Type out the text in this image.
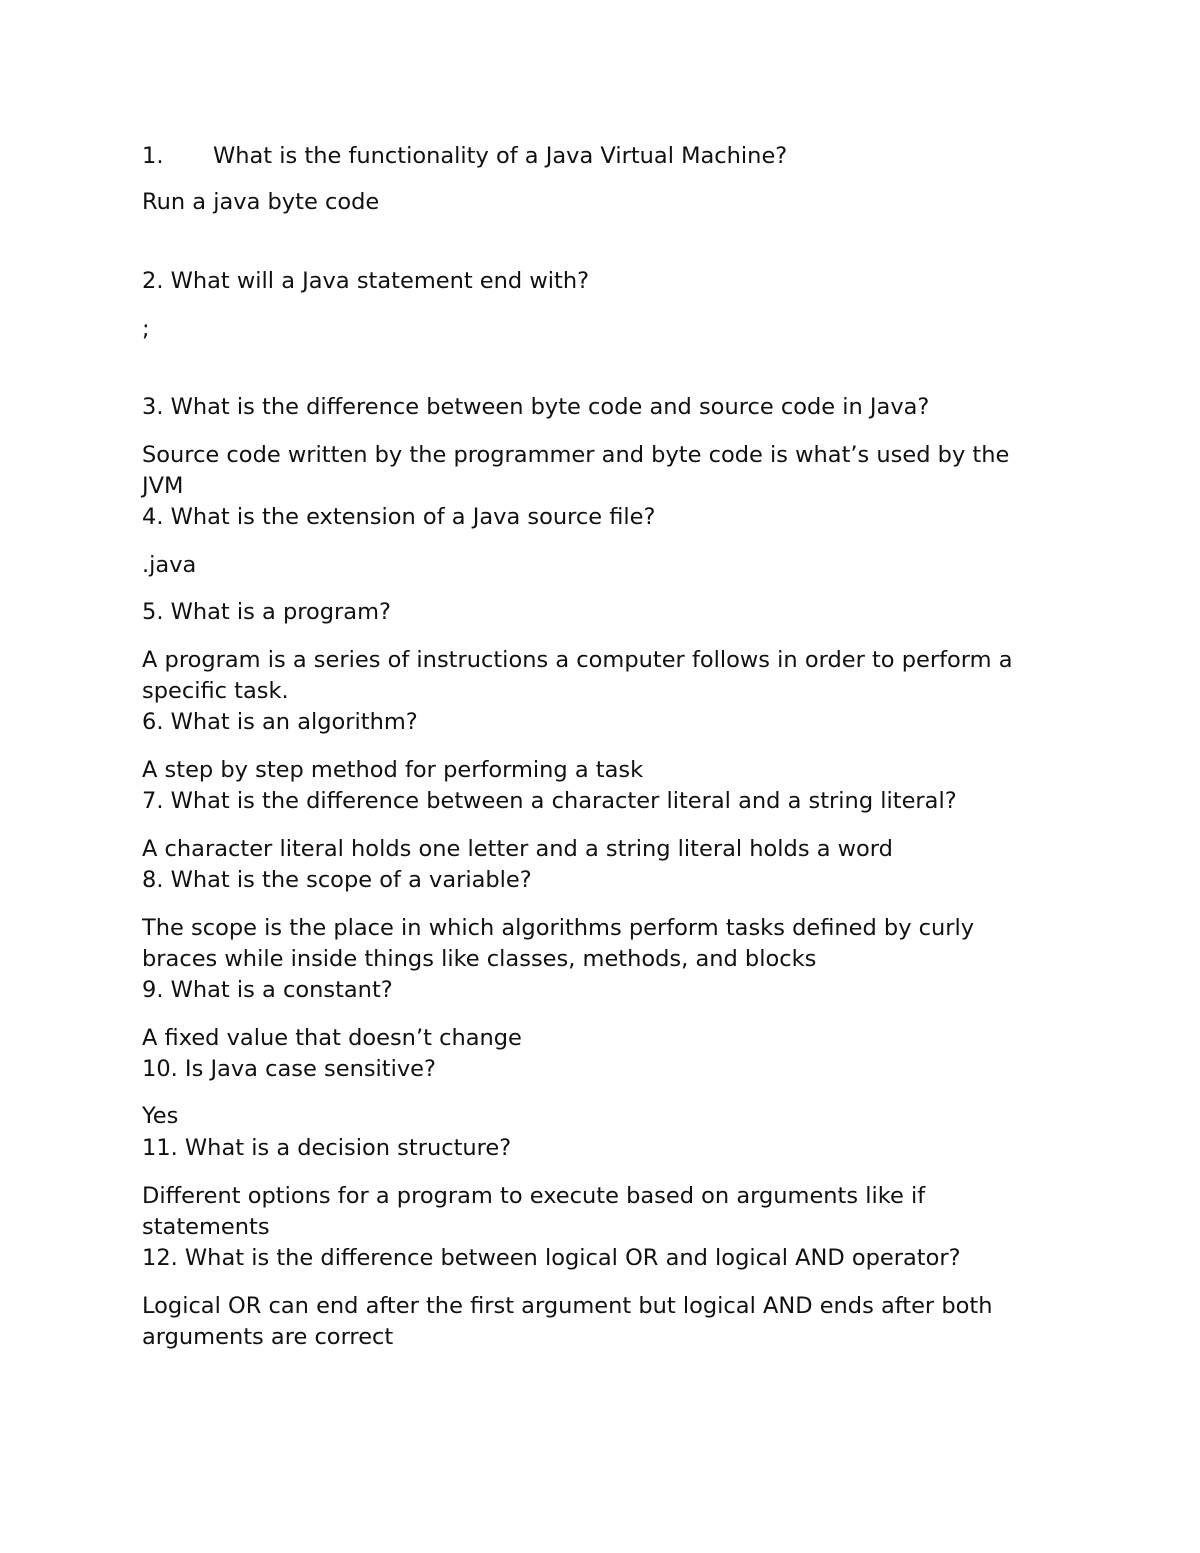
1. What is the functionality of a Java Virtual Machine?
Run a java byte code
2. What will a Java statement end with?
;
3. What is the difference between byte code and source code in Java?
Source code written by the programmer and byte code is what’s used by the
JVM
4. What is the extension of a Java source file?
.java
5. What is a program?
A program is a series of instructions a computer follows in order to perform a
specific task.
6. What is an algorithm?
A step by step method for performing a task
7. What is the difference between a character literal and a string literal?
A character literal holds one letter and a string literal holds a word
8. What is the scope of a variable?
The scope is the place in which algorithms perform tasks defined by curly
braces while inside things like classes, methods, and blocks
9. What is a constant?
A fixed value that doesn’t change
10. Is Java case sensitive?
Yes
11. What is a decision structure?
Different options for a program to execute based on arguments like if
statements
12. What is the difference between logical OR and logical AND operator?
Logical OR can end after the first argument but logical AND ends after both
arguments are correct
